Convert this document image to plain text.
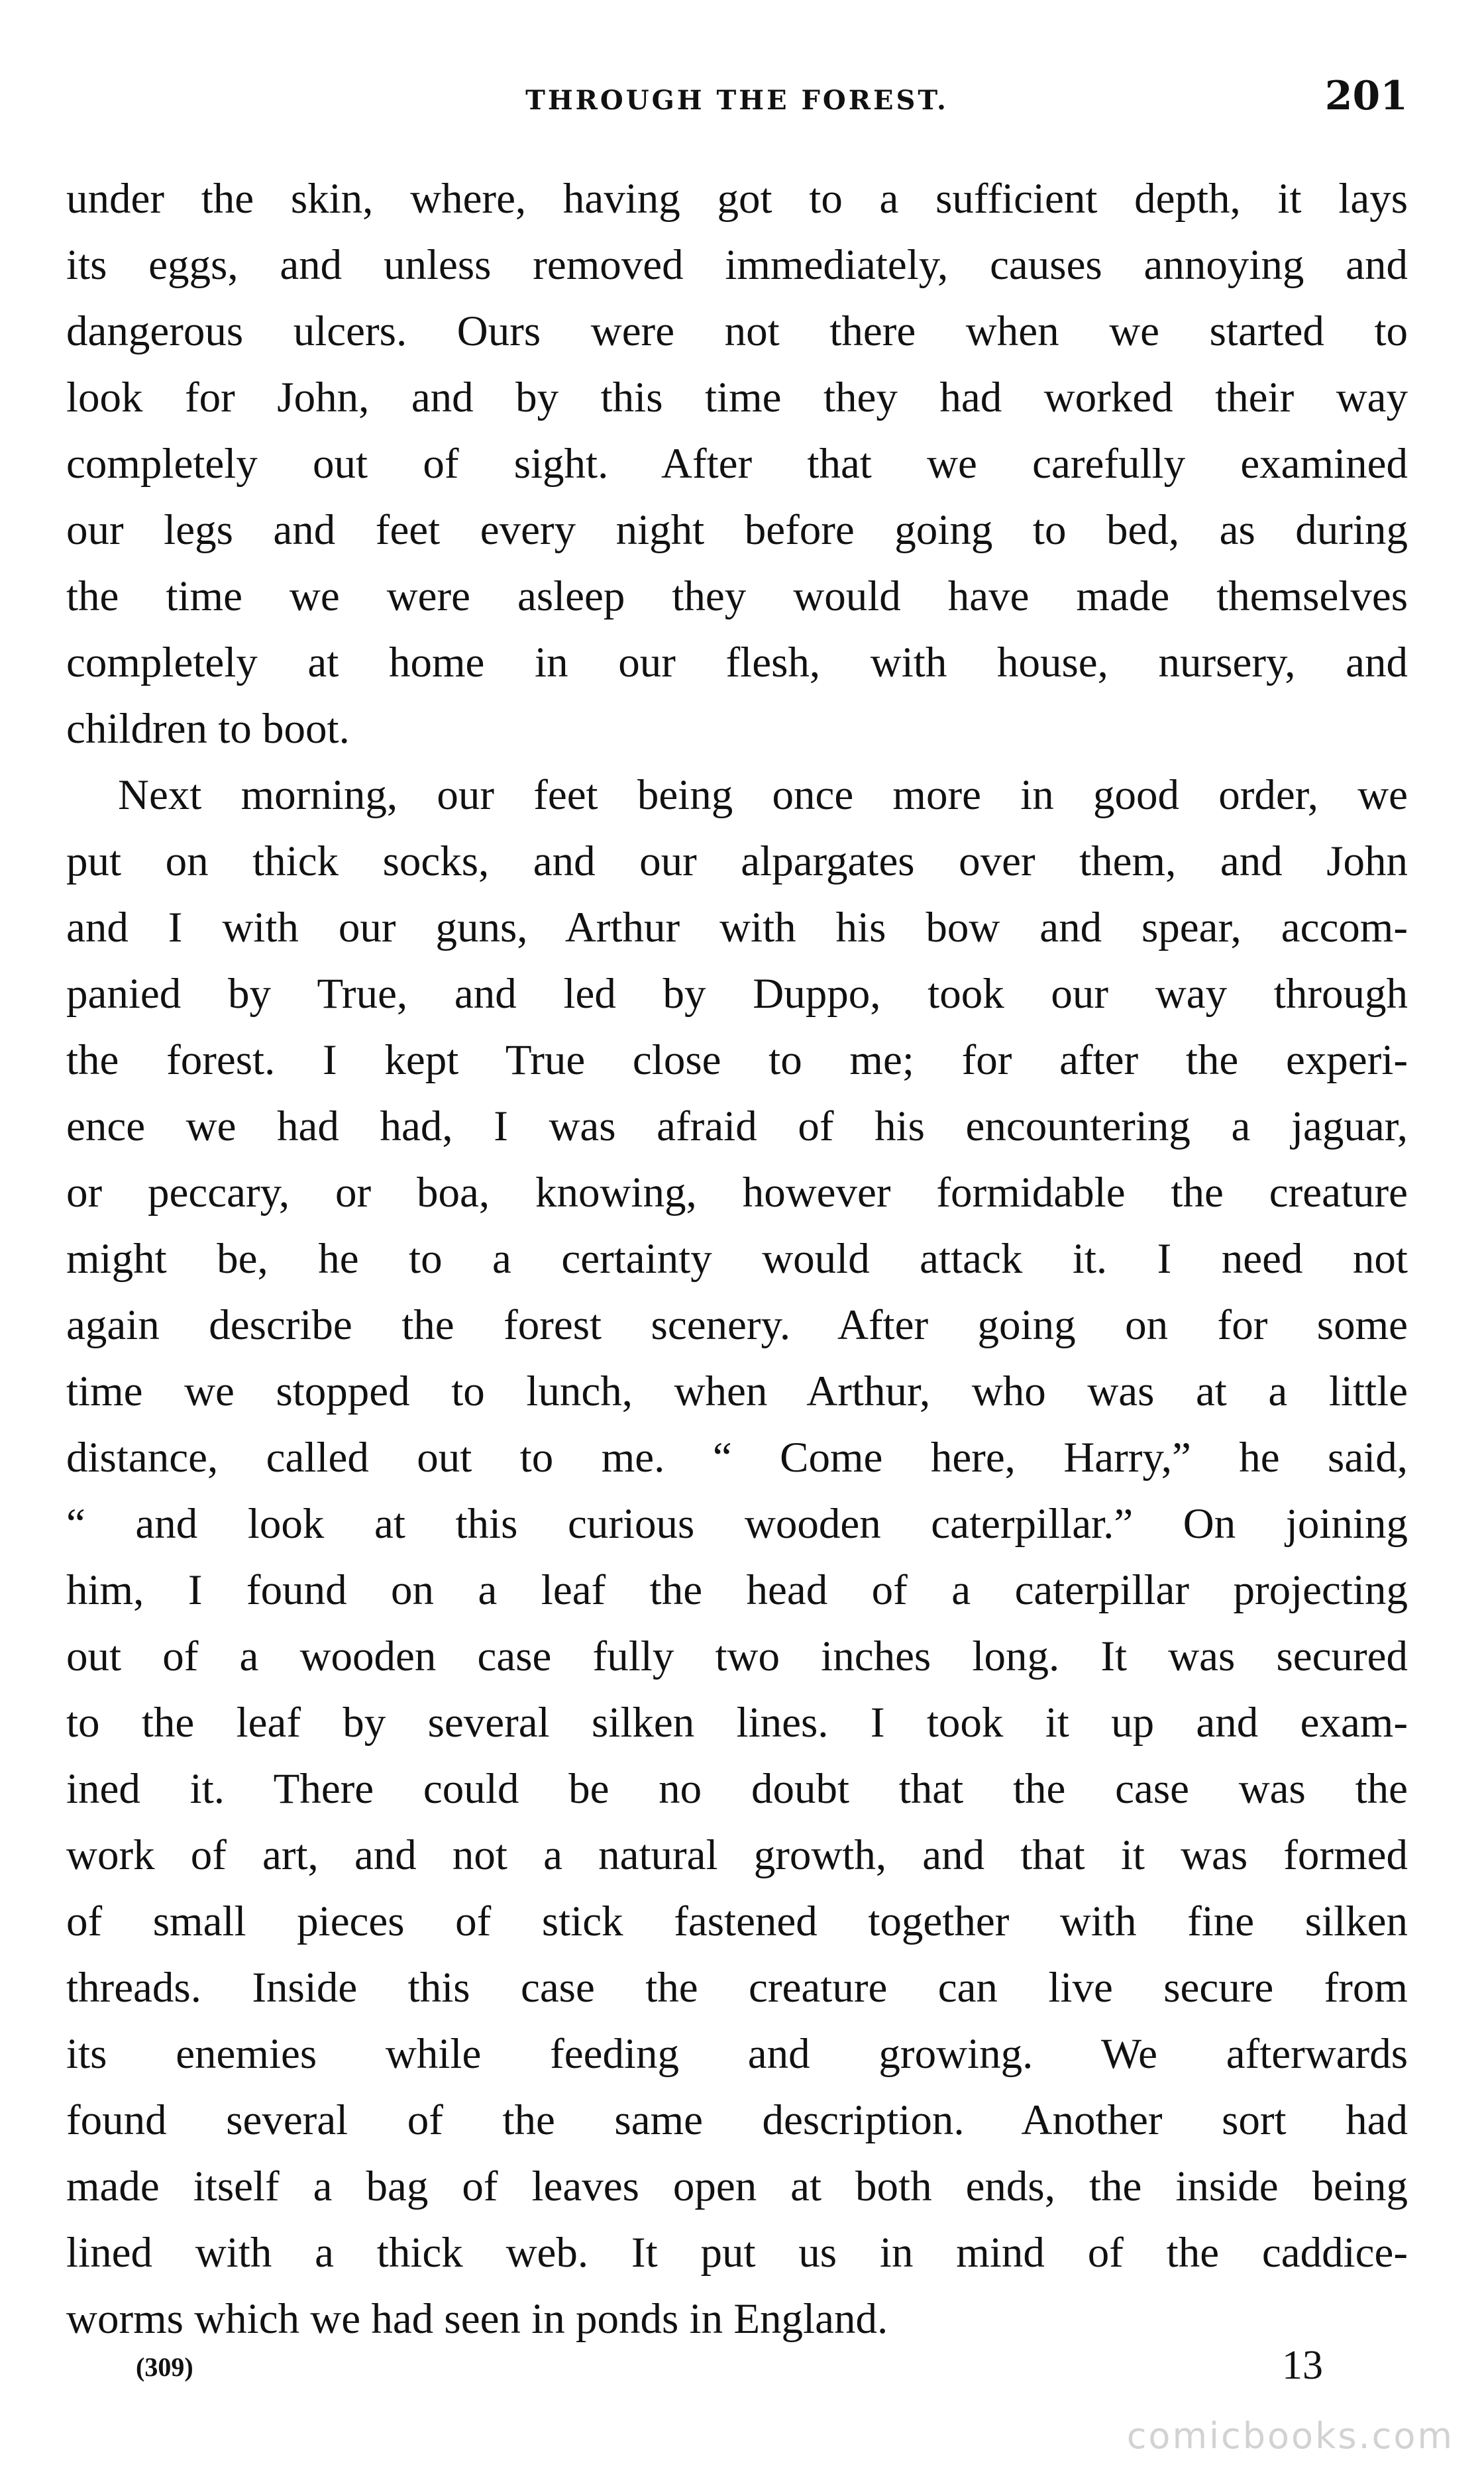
THROUGH THE FOREST.	201
under the skin, where, having got to a sufficient depth, it lays
its eggs, and unless removed immediately, causes annoying and
dangerous ulcers. Ours were not there when we started to
look for John, and by this time they had worked their way
completely out of sight. After that we carefully examined
our legs and feet every night before going to bed, as during
the time we were asleep they would have made themselves
completely at home in our flesh, with house, nursery, and
children to boot.
Next morning, our feet being once more in good order, we
put on thick socks, and our alpargates over them, and John
and I with our guns, Arthur with his bow and spear, accom-
panied by True, and led by Duppo, took our way through
the forest. I kept True close to me; for after the experi-
ence we had had, I was afraid of his encountering a jaguar,
or peccary, or boa, knowing, however formidable the creature
might be, he to a certainty would attack it. I need not
again describe the forest scenery. After going on for some
time we stopped to lunch, when Arthur, who was at a little
distance, called out to me. “ Come here, Harry,” he said,
“ and look at this curious wooden caterpillar.” On joining
him, I found on a leaf the head of a caterpillar projecting
out of a wooden case fully two inches long. It was secured
to the leaf by several silken lines. I took it up and exam-
ined it. There could be no doubt that the case was the
work of art, and not a natural growth, and that it was formed
of small pieces of stick fastened together with fine silken
threads. Inside this case the creature can live secure from
its enemies while feeding and growing. We afterwards
found several of the same description. Another sort had
made itself a bag of leaves open at both ends, the inside being
lined with a thick web. It put us in mind of the caddice-
worms which we had seen in ponds in England.
(309)	13
comicbooks.com
